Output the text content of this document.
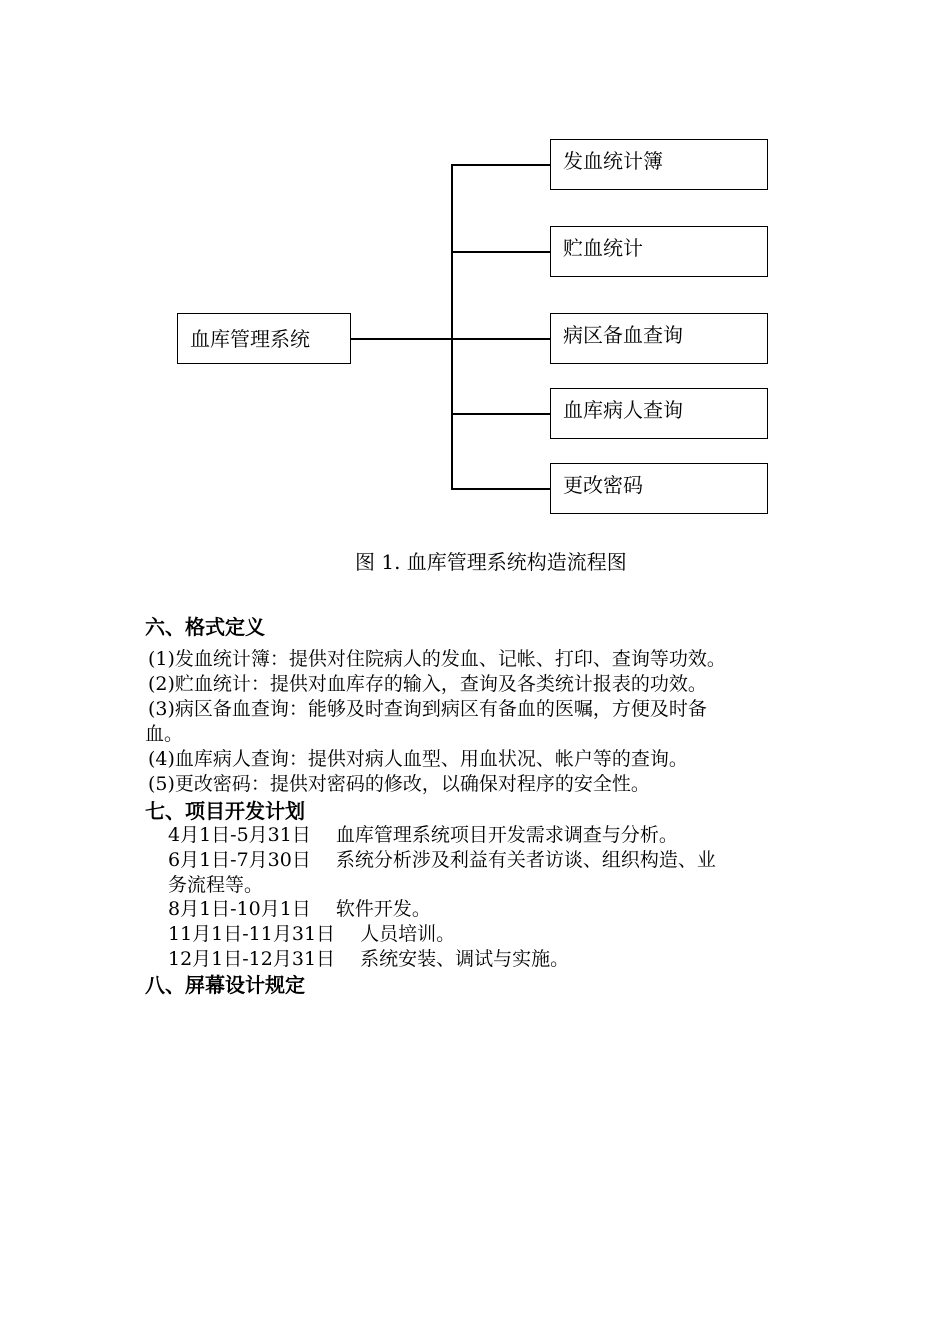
血库管理系统
发血统计簿
贮血统计
病区备血查询
血库病人查询
更改密码
图 1. 血库管理系统构造流程图
六、格式定义
(1)发血统计簿：提供对住院病人的发血、记帐、打印、查询等功效。
(2)贮血统计：提供对血库存的输入，查询及各类统计报表的功效。
(3)病区备血查询：能够及时查询到病区有备血的医嘱，方便及时备
血。
(4)血库病人查询：提供对病人血型、用血状况、帐户等的查询。
(5)更改密码：提供对密码的修改，以确保对程序的安全性。
七、项目开发计划
4月1日-5月31日　 血库管理系统项目开发需求调查与分析。
6月1日-7月30日　 系统分析涉及利益有关者访谈、组织构造、业
务流程等。
8月1日-10月1日　 软件开发。
11月1日-11月31日　 人员培训。
12月1日-12月31日　 系统安装、调试与实施。
八、屏幕设计规定
